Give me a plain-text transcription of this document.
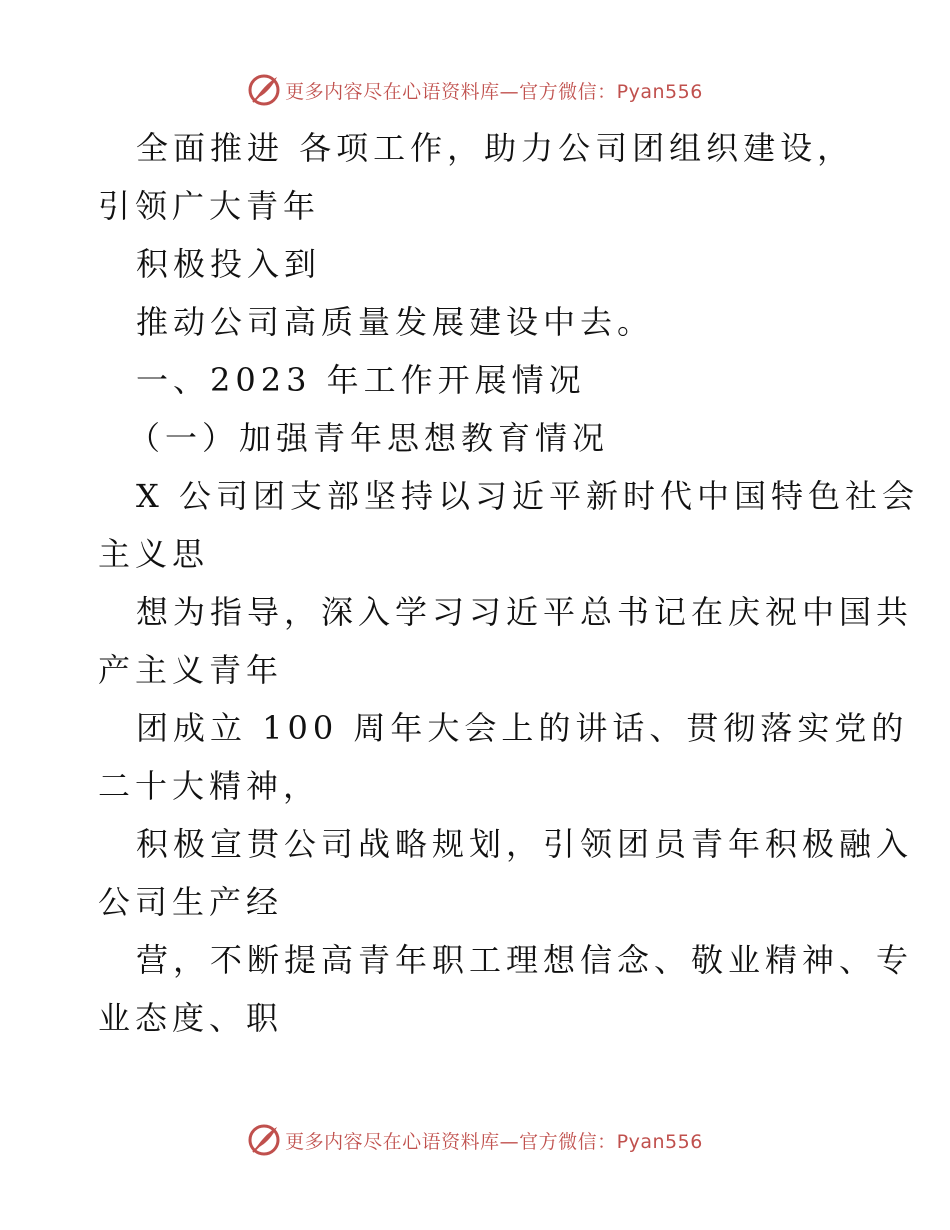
更多内容尽在心语资料库—官方微信：Pyan556
全面推进 各项工作，助力公司团组织建设，
引领广大青年
积极投入到
推动公司高质量发展建设中去。
一、2023 年工作开展情况
（一）加强青年思想教育情况
X 公司团支部坚持以习近平新时代中国特色社会
主义思
想为指导，深入学习习近平总书记在庆祝中国共
产主义青年
团成立 100 周年大会上的讲话、贯彻落实党的
二十大精神，
积极宣贯公司战略规划，引领团员青年积极融入
公司生产经
营，不断提高青年职工理想信念、敬业精神、专
业态度、职
更多内容尽在心语资料库—官方微信：Pyan556
